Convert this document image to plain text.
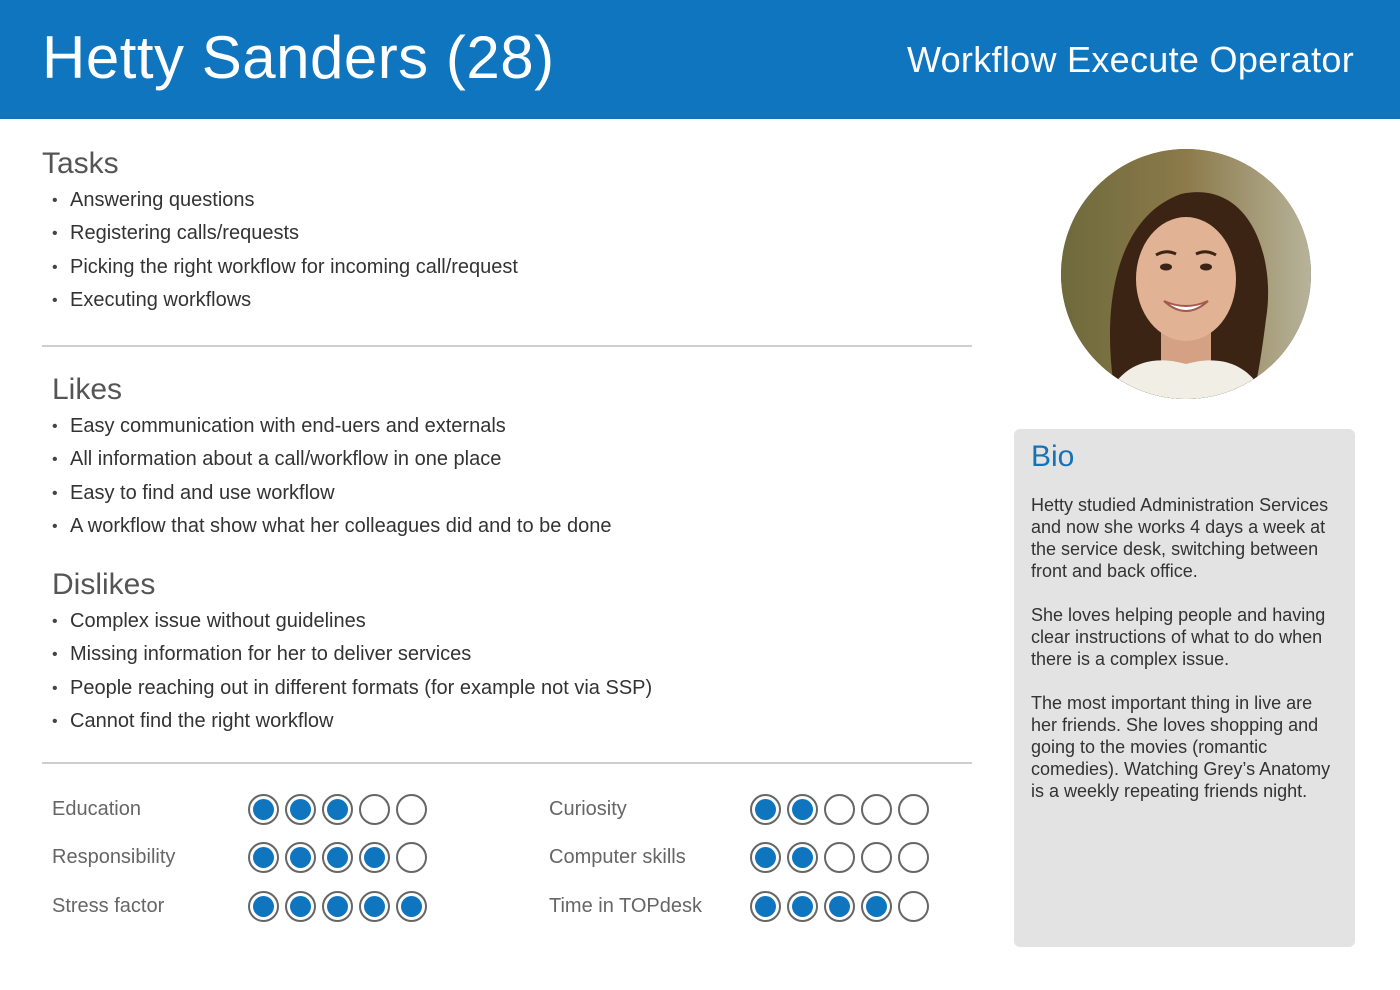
Hetty Sanders (28)	Workflow Execute Operator
Tasks
• Answering questions
• Registering calls/requests
• Picking the right workflow for incoming call/request
• Executing workflows
Likes
• Easy communication with end-uers and externals
• All information about a call/workflow in one place
• Easy to find and use workflow
• A workflow that show what her colleagues did and to be done
Dislikes
• Complex issue without guidelines
• Missing information for her to deliver services
• People reaching out in different formats (for example not via SSP)
• Cannot find the right workflow
Education
Responsibility
Stress factor
Curiosity
Computer skills
Time in TOPdesk
Bio

Hetty studied Administration Services and now she works 4 days a week at the service desk, switching between front and back office.

She loves helping people and having clear instructions of what to do when there is a complex issue.

The most important thing in live are her friends. She loves shopping and going to the movies (romantic comedies). Watching Grey’s Anatomy is a weekly repeating friends night.
